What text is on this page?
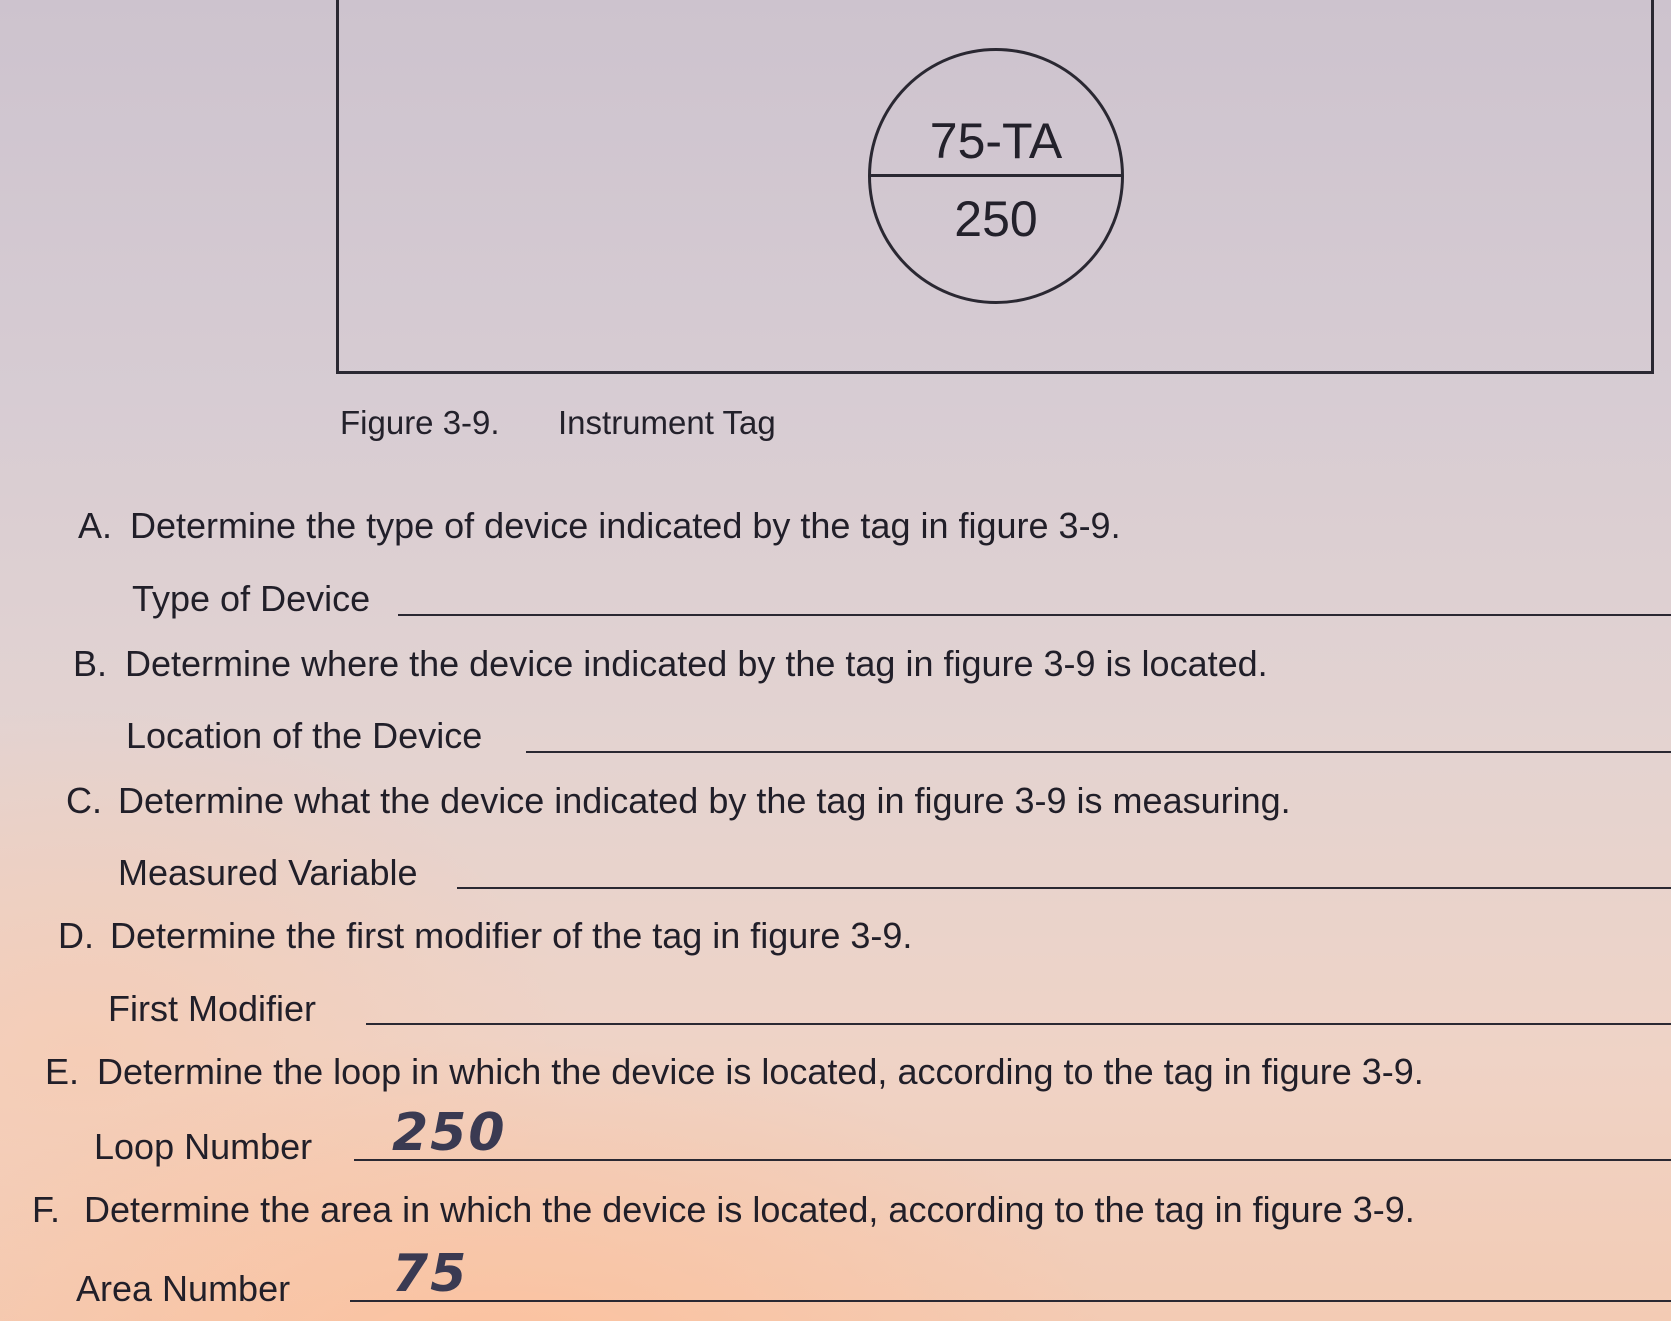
75-TA
250
Figure 3-9. Instrument Tag
A. Determine the type of device indicated by the tag in figure 3-9.
Type of Device
B. Determine where the device indicated by the tag in figure 3-9 is located.
Location of the Device
C. Determine what the device indicated by the tag in figure 3-9 is measuring.
Measured Variable
D. Determine the first modifier of the tag in figure 3-9.
First Modifier
E. Determine the loop in which the device is located, according to the tag in figure 3-9.
Loop Number 250
F. Determine the area in which the device is located, according to the tag in figure 3-9.
Area Number 75
